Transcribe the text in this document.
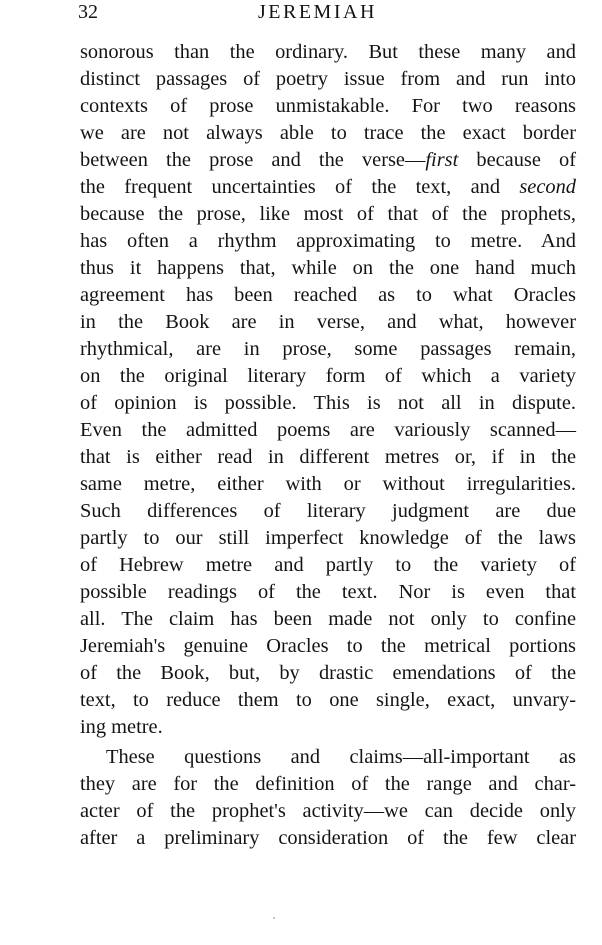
32	JEREMIAH
sonorous than the ordinary. But these many and
distinct passages of poetry issue from and run into
contexts of prose unmistakable. For two reasons
we are not always able to trace the exact border
between the prose and the verse—first because of
the frequent uncertainties of the text, and second
because the prose, like most of that of the prophets,
has often a rhythm approximating to metre. And
thus it happens that, while on the one hand much
agreement has been reached as to what Oracles
in the Book are in verse, and what, however
rhythmical, are in prose, some passages remain,
on the original literary form of which a variety
of opinion is possible. This is not all in dispute.
Even the admitted poems are variously scanned—
that is either read in different metres or, if in the
same metre, either with or without irregularities.
Such differences of literary judgment are due
partly to our still imperfect knowledge of the laws
of Hebrew metre and partly to the variety of
possible readings of the text. Nor is even that
all. The claim has been made not only to confine
Jeremiah's genuine Oracles to the metrical portions
of the Book, but, by drastic emendations of the
text, to reduce them to one single, exact, unvary-
ing metre.
These questions and claims—all-important as
they are for the definition of the range and char-
acter of the prophet's activity—we can decide only
after a preliminary consideration of the few clear
